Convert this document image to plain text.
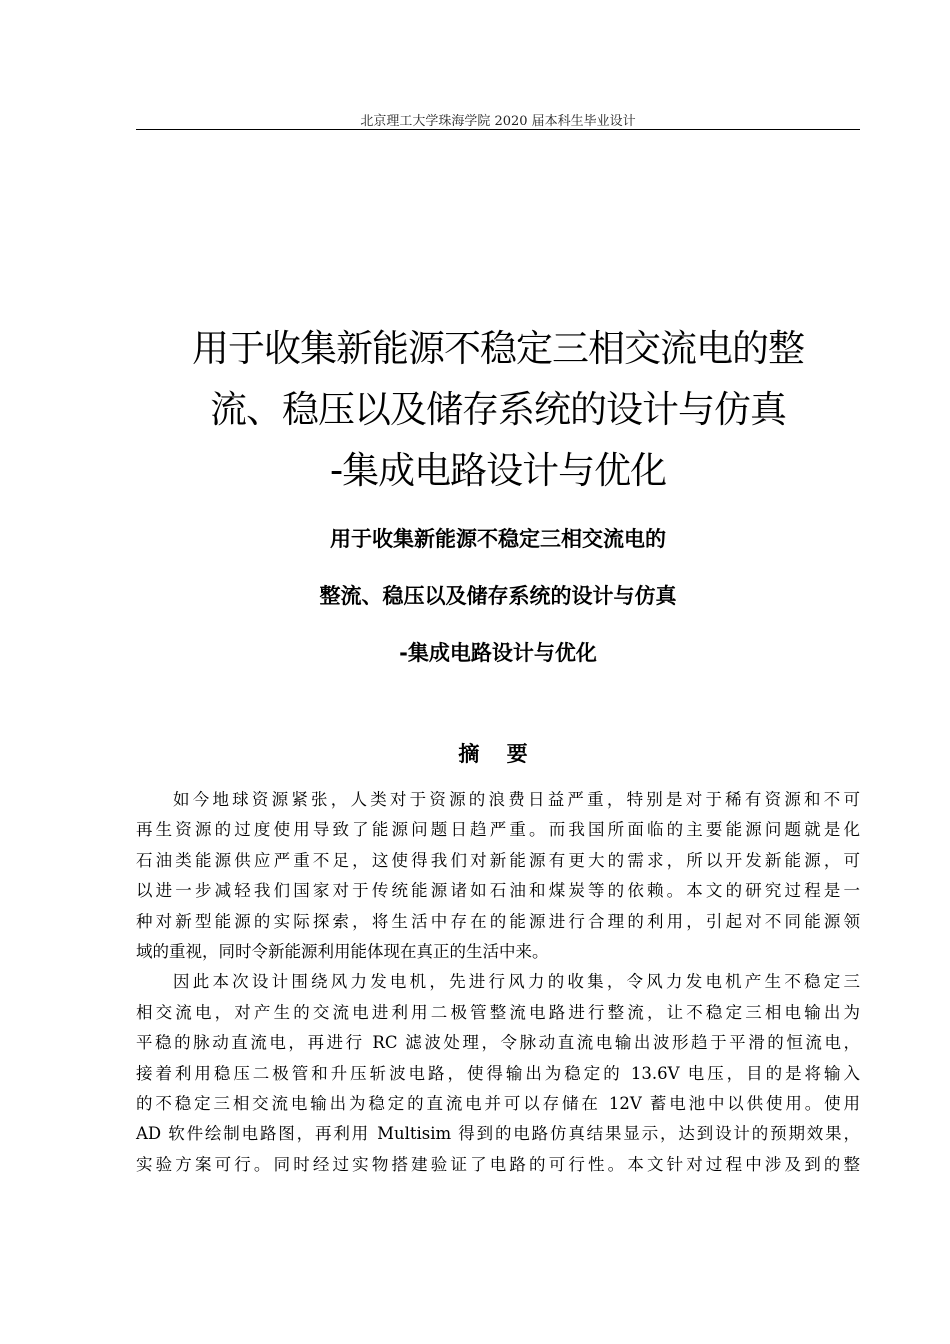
北京理工大学珠海学院 2020 届本科生毕业设计
用于收集新能源不稳定三相交流电的整
流、稳压以及储存系统的设计与仿真
-集成电路设计与优化
用于收集新能源不稳定三相交流电的
整流、稳压以及储存系统的设计与仿真
-集成电路设计与优化
摘 要
如今地球资源紧张，人类对于资源的浪费日益严重，特别是对于稀有资源和不可
再生资源的过度使用导致了能源问题日趋严重。而我国所面临的主要能源问题就是化
石油类能源供应严重不足，这使得我们对新能源有更大的需求，所以开发新能源，可
以进一步减轻我们国家对于传统能源诸如石油和煤炭等的依赖。本文的研究过程是一
种对新型能源的实际探索，将生活中存在的能源进行合理的利用，引起对不同能源领
域的重视，同时令新能源利用能体现在真正的生活中来。
因此本次设计围绕风力发电机，先进行风力的收集，令风力发电机产生不稳定三
相交流电，对产生的交流电进利用二极管整流电路进行整流，让不稳定三相电输出为
平稳的脉动直流电，再进行 RC 滤波处理，令脉动直流电输出波形趋于平滑的恒流电，
接着利用稳压二极管和升压斩波电路，使得输出为稳定的 13.6V 电压，目的是将输入
的不稳定三相交流电输出为稳定的直流电并可以存储在 12V 蓄电池中以供使用。使用
AD 软件绘制电路图，再利用 Multisim 得到的电路仿真结果显示，达到设计的预期效果，
实验方案可行。同时经过实物搭建验证了电路的可行性。本文针对过程中涉及到的整
